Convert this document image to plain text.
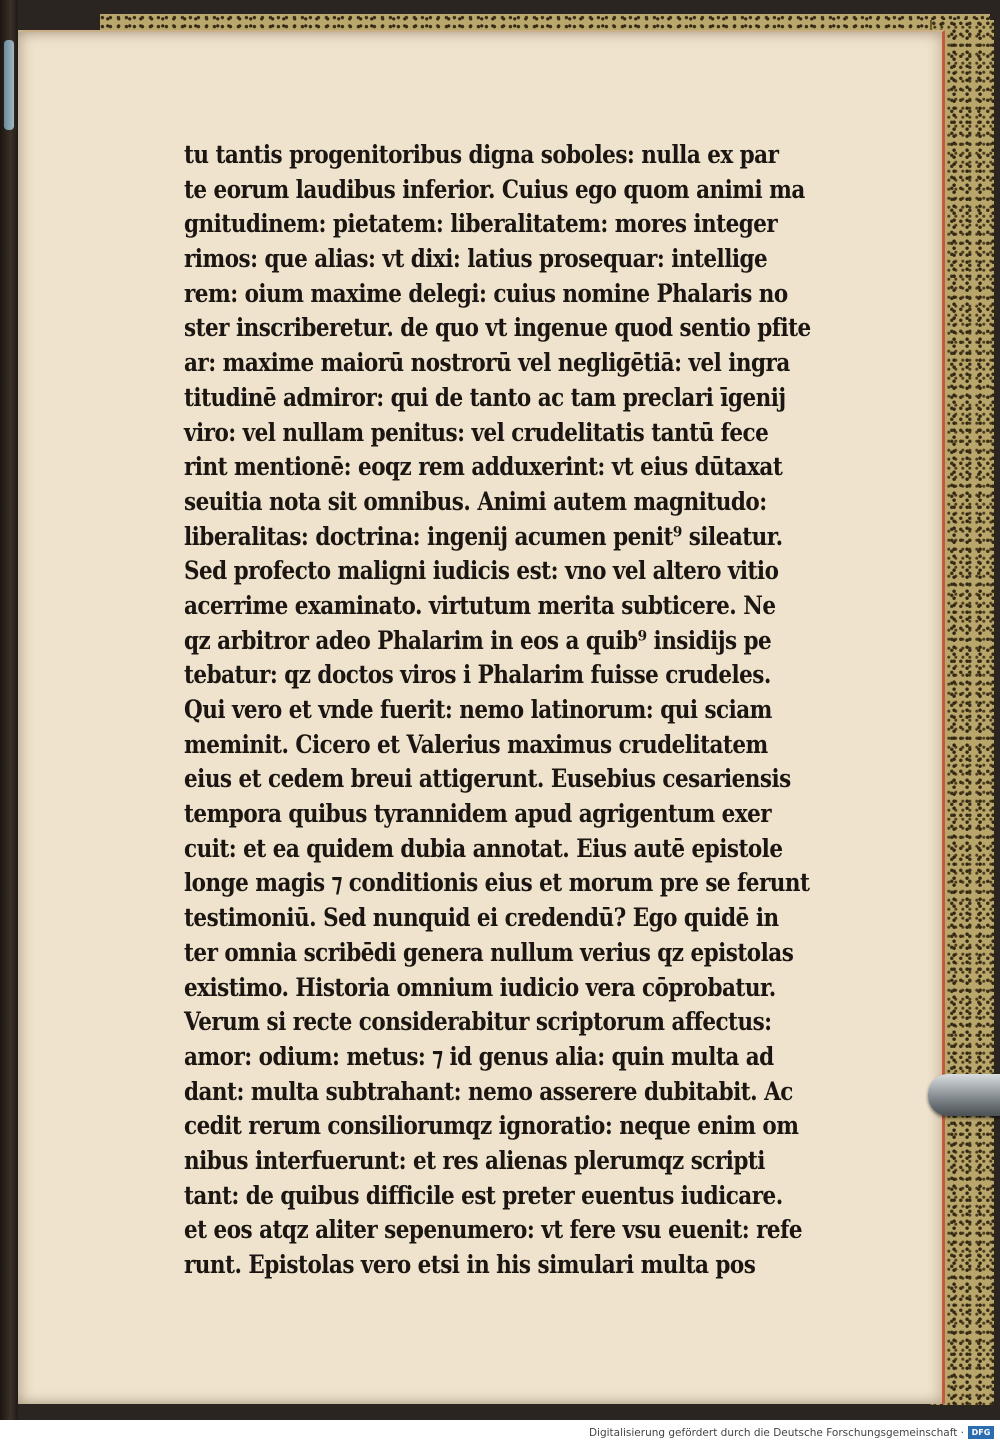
tu tantis progenitoribus digna soboles: nulla ex par
te eorum laudibus inferior. Cuius ego quom animi ma
gnitudinem: pietatem: liberalitatem: mores integer
rimos: que alias: vt dixi: latius prosequar: intellige
rem: oium maxime delegi: cuius nomine Phalaris no
ster inscriberetur. de quo vt ingenue quod sentio pfite
ar: maxime maiorū nostrorū vel negligētiā: vel ingra
titudinē admiror: qui de tanto ac tam preclari īgenij
viro: vel nullam penitus: vel crudelitatis tantū fece
rint mentionē: eoqz rem adduxerint: vt eius dūtaxat
seuitia nota sit omnibus. Animi autem magnitudo:
liberalitas: doctrina: ingenij acumen penit⁹ sileatur.
Sed profecto maligni iudicis est: vno vel altero vitio
acerrime examinato. virtutum merita subticere. Ne
qz arbitror adeo Phalarim in eos a quib⁹ insidijs pe
tebatur: qz doctos viros i Phalarim fuisse crudeles.
Qui vero et vnde fuerit: nemo latinorum: qui sciam
meminit. Cicero et Valerius maximus crudelitatem
eius et cedem breui attigerunt. Eusebius cesariensis
tempora quibus tyrannidem apud agrigentum exer
cuit: et ea quidem dubia annotat. Eius autē epistole
longe magis ⁊ conditionis eius et morum pre se ferunt
testimoniū. Sed nunquid ei credendū? Ego quidē in
ter omnia scribēdi genera nullum verius qz epistolas
existimo. Historia omnium iudicio vera cōprobatur.
Verum si recte considerabitur scriptorum affectus:
amor: odium: metus: ⁊ id genus alia: quin multa ad
dant: multa subtrahant: nemo asserere dubitabit. Ac
cedit rerum consiliorumqz ignoratio: neque enim om
nibus interfuerunt: et res alienas plerumqz scripti
tant: de quibus difficile est preter euentus iudicare.
et eos atqz aliter sepenumero: vt fere vsu euenit: refe
runt. Epistolas vero etsi in his simulari multa pos
Digitalisierung gefördert durch die Deutsche Forschungsgemeinschaft · DFG
